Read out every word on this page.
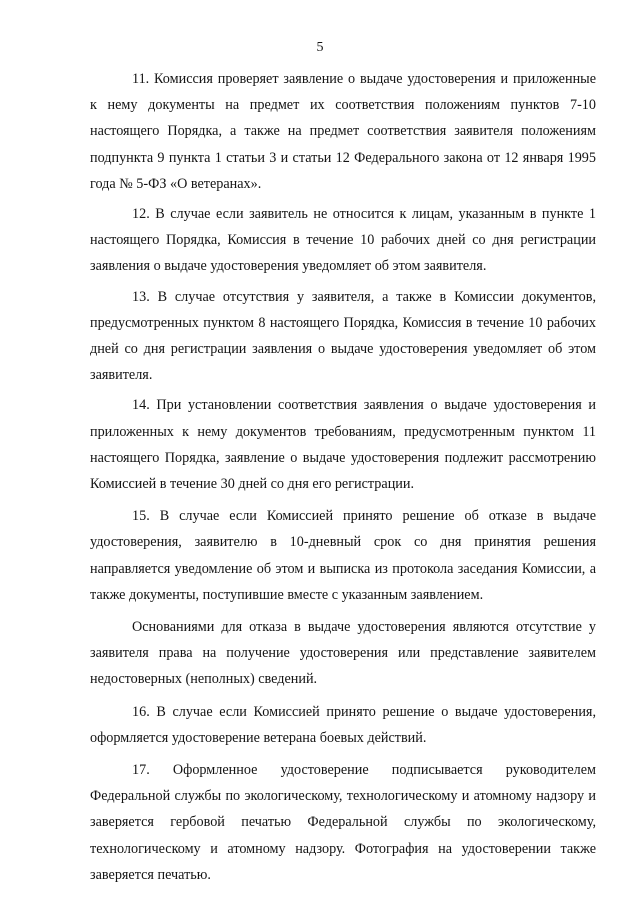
5

11. Комиссия проверяет заявление о выдаче удостоверения и приложенные к нему документы на предмет их соответствия положениям пунктов 7-10 настоящего Порядка, а также на предмет соответствия заявителя положениям подпункта 9 пункта 1 статьи 3 и статьи 12 Федерального закона от 12 января 1995 года № 5-ФЗ «О ветеранах».

12. В случае если заявитель не относится к лицам, указанным в пункте 1 настоящего Порядка, Комиссия в течение 10 рабочих дней со дня регистрации заявления о выдаче удостоверения уведомляет об этом заявителя.

13. В случае отсутствия у заявителя, а также в Комиссии документов, предусмотренных пунктом 8 настоящего Порядка, Комиссия в течение 10 рабочих дней со дня регистрации заявления о выдаче удостоверения уведомляет об этом заявителя.

14. При установлении соответствия заявления о выдаче удостоверения и приложенных к нему документов требованиям, предусмотренным пунктом 11 настоящего Порядка, заявление о выдаче удостоверения подлежит рассмотрению Комиссией в течение 30 дней со дня его регистрации.

15. В случае если Комиссией принято решение об отказе в выдаче удостоверения, заявителю в 10-дневный срок со дня принятия решения направляется уведомление об этом и выписка из протокола заседания Комиссии, а также документы, поступившие вместе с указанным заявлением.

Основаниями для отказа в выдаче удостоверения являются отсутствие у заявителя права на получение удостоверения или представление заявителем недостоверных (неполных) сведений.

16. В случае если Комиссией принято решение о выдаче удостоверения, оформляется удостоверение ветерана боевых действий.

17. Оформленное удостоверение подписывается руководителем Федеральной службы по экологическому, технологическому и атомному надзору и заверяется гербовой печатью Федеральной службы по экологическому, технологическому и атомному надзору. Фотография на удостоверении также заверяется печатью.
